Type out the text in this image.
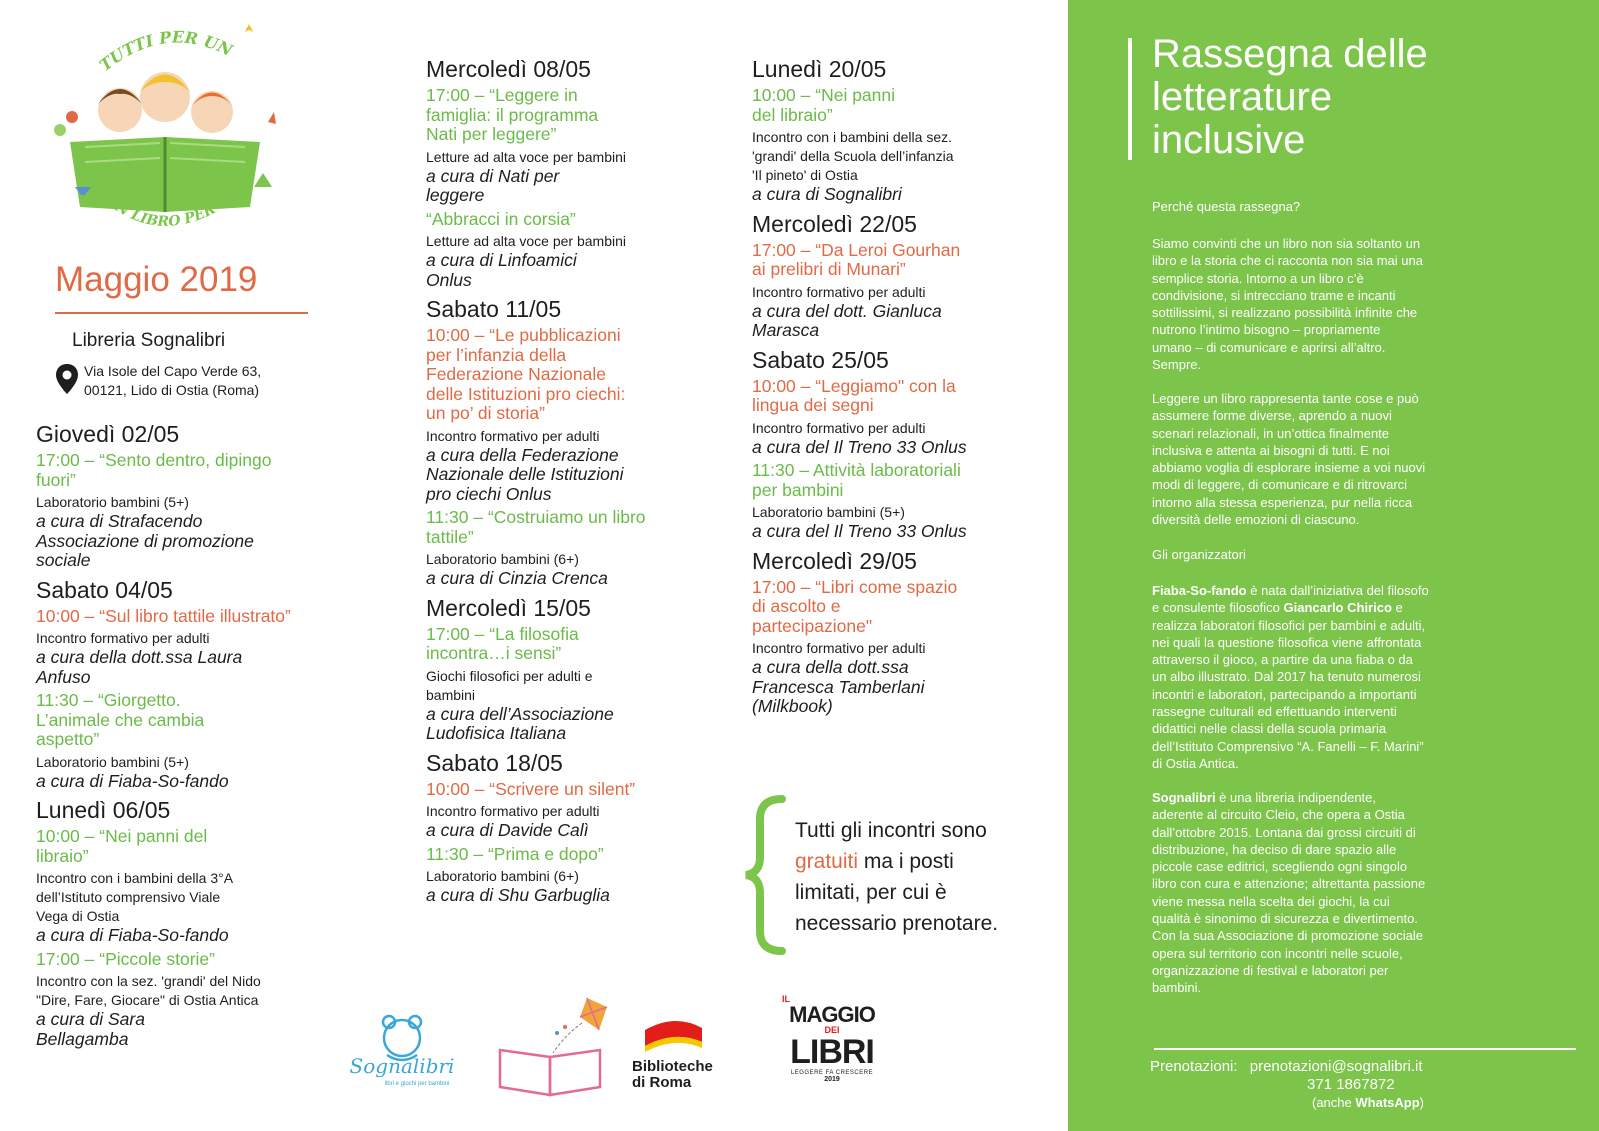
TUTTI PER UN
UN LIBRO PER TU
Maggio 2019
Libreria Sognalibri
Via Isole del Capo Verde 63,
00121, Lido di Ostia (Roma)
Giovedì 02/05
17:00 – “Sento dentro, dipingo
fuori”
Laboratorio bambini (5+)
a cura di Strafacendo
Associazione di promozione
sociale
Sabato 04/05
10:00 – “Sul libro tattile illustrato”
Incontro formativo per adulti
a cura della dott.ssa Laura
Anfuso
11:30 – “Giorgetto.
L’animale che cambia
aspetto”
Laboratorio bambini (5+)
a cura di Fiaba-So-fando
Lunedì 06/05
10:00 – “Nei panni del
libraio”
Incontro con i bambini della 3°A
dell’Istituto comprensivo Viale
Vega di Ostia
a cura di Fiaba-So-fando
17:00 – “Piccole storie”
Incontro con la sez. 'grandi' del Nido
"Dire, Fare, Giocare" di Ostia Antica
a cura di Sara
Bellagamba
Mercoledì 08/05
17:00 – “Leggere in
famiglia: il programma
Nati per leggere”
Letture ad alta voce per bambini
a cura di Nati per
leggere
“Abbracci in corsia”
Letture ad alta voce per bambini
a cura di Linfoamici
Onlus
Sabato 11/05
10:00 – “Le pubblicazioni
per l’infanzia della
Federazione Nazionale
delle Istituzioni pro ciechi:
un po’ di storia”
Incontro formativo per adulti
a cura della Federazione
Nazionale delle Istituzioni
pro ciechi Onlus
11:30 – “Costruiamo un libro
tattile”
Laboratorio bambini (6+)
a cura di Cinzia Crenca
Mercoledì 15/05
17:00 – “La filosofia
incontra…i sensi”
Giochi filosofici per adulti e
bambini
a cura dell’Associazione
Ludofisica Italiana
Sabato 18/05
10:00 – “Scrivere un silent”
Incontro formativo per adulti
a cura di Davide Calì
11:30 – “Prima e dopo”
Laboratorio bambini (6+)
a cura di Shu Garbuglia
Lunedì 20/05
10:00 – “Nei panni
del libraio”
Incontro con i bambini della sez.
'grandi' della Scuola dell’infanzia
'Il pineto' di Ostia
a cura di Sognalibri
Mercoledì 22/05
17:00 – “Da Leroi Gourhan
ai prelibri di Munari”
Incontro formativo per adulti
a cura del dott. Gianluca
Marasca
Sabato 25/05
10:00 – “Leggiamo" con la
lingua dei segni
Incontro formativo per adulti
a cura del Il Treno 33 Onlus
11:30 – Attività laboratoriali
per bambini
Laboratorio bambini (5+)
a cura del Il Treno 33 Onlus
Mercoledì 29/05
17:00 – “Libri come spazio
di ascolto e
partecipazione"
Incontro formativo per adulti
a cura della dott.ssa
Francesca Tamberlani
(Milkbook)
Tutti gli incontri sono
gratuiti ma i posti
limitati, per cui è
necessario prenotare.
Sognalibri
libri e giochi per bambini
Biblioteche
di Roma
IL
MAGGIO
DEI
LIBRI
LEGGERE FA CRESCERE
2019
Rassegna delle
letterature
inclusive
Perché questa rassegna?
Siamo convinti che un libro non sia soltanto un
libro e la storia che ci racconta non sia mai una
semplice storia. Intorno a un libro c’è
condivisione, si intrecciano trame e incanti
sottilissimi, si realizzano possibilità infinite che
nutrono l’intimo bisogno – propriamente
umano – di comunicare e aprirsi all’altro.
Sempre.
Leggere un libro rappresenta tante cose e può
assumere forme diverse, aprendo a nuovi
scenari relazionali, in un’ottica finalmente
inclusiva e attenta ai bisogni di tutti. E noi
abbiamo voglia di esplorare insieme a voi nuovi
modi di leggere, di comunicare e di ritrovarci
intorno alla stessa esperienza, pur nella ricca
diversità delle emozioni di ciascuno.
Gli organizzatori
Fiaba-So-fando è nata dall’iniziativa del filosofo
e consulente filosofico Giancarlo Chirico e
realizza laboratori filosofici per bambini e adulti,
nei quali la questione filosofica viene affrontata
attraverso il gioco, a partire da una fiaba o da
un albo illustrato. Dal 2017 ha tenuto numerosi
incontri e laboratori, partecipando a importanti
rassegne culturali ed effettuando interventi
didattici nelle classi della scuola primaria
dell’Istituto Comprensivo “A. Fanelli – F. Marini”
di Ostia Antica.
Sognalibri è una libreria indipendente,
aderente al circuito Cleio, che opera a Ostia
dall’ottobre 2015. Lontana dai grossi circuiti di
distribuzione, ha deciso di dare spazio alle
piccole case editrici, scegliendo ogni singolo
libro con cura e attenzione; altrettanta passione
viene messa nella scelta dei giochi, la cui
qualità è sinonimo di sicurezza e divertimento.
Con la sua Associazione di promozione sociale
opera sul territorio con incontri nelle scuole,
organizzazione di festival e laboratori per
bambini.
Prenotazioni: prenotazioni@sognalibri.it
371 1867872
(anche WhatsApp)
